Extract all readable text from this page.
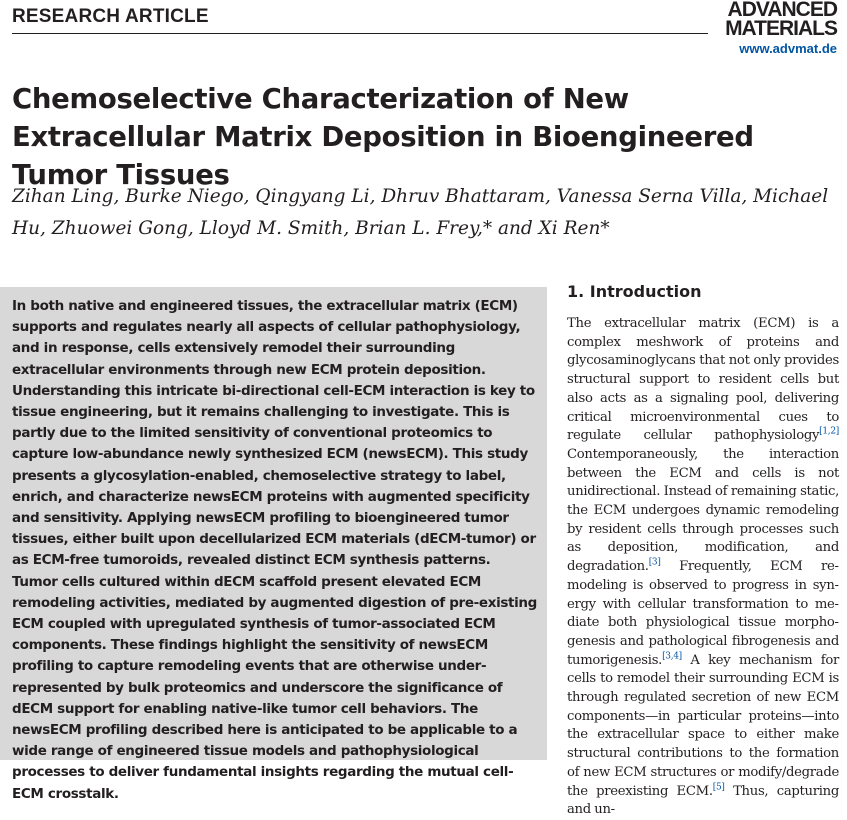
RESEARCH ARTICLE	ADVANCED
MATERIALS
www.advmat.de
Chemoselective Characterization of New Extracellular Matrix Deposition in Bioengineered Tumor Tissues

Zihan Ling, Burke Niego, Qingyang Li, Dhruv Bhattaram, Vanessa Serna Villa, Michael Hu, Zhuowei Gong, Lloyd M. Smith, Brian L. Frey,* and Xi Ren*

In both native and engineered tissues, the extracellular matrix (ECM) supports and regulates nearly all aspects of cellular pathophysiology, and in response, cells extensively remodel their surrounding extracellular environments through new ECM protein deposition. Understanding this intricate bi-directional cell-ECM interaction is key to tissue engineering, but it remains challenging to investigate. This is partly due to the limited sensitivity of conventional proteomics to capture low-abundance newly synthesized ECM (newsECM). This study presents a glycosylation-enabled, chemoselective strategy to label, enrich, and characterize newsECM proteins with augmented specificity and sensitivity. Applying newsECM profiling to bioengineered tumor tissues, either built upon decellularized ECM materials (dECM-tumor) or as ECM-free tumoroids, revealed distinct ECM synthesis patterns. Tumor cells cultured within dECM scaffold present elevated ECM remodeling activities, mediated by augmented digestion of pre-existing ECM coupled with upregulated synthesis of tumor-associated ECM components. These findings highlight the sensitivity of newsECM profiling to capture remodeling events that are otherwise under-represented by bulk proteomics and underscore the significance of dECM support for enabling native-like tumor cell behaviors. The newsECM profiling described here is anticipated to be applicable to a wide range of engineered tissue models and pathophysiological processes to deliver fundamental insights regarding the mutual cell-ECM crosstalk.

1. Introduction

The extracellular matrix (ECM) is a complex meshwork of proteins and glycosaminoglycans that not only provides structural support to resident cells but also acts as a signaling pool, delivering critical microenvironmental cues to regulate cellular pathophysiology[1,2] Contemporaneously, the interaction between the ECM and cells is not unidirectional. Instead of remaining static, the ECM undergoes dynamic remodeling by resident cells through processes such as deposition, modification, and degradation.[3] Frequently, ECM remodeling is observed to progress in synergy with cellular transformation to mediate both physiological tissue morphogenesis and pathological fibrogenesis and tumorigenesis.[3,4] A key mechanism for cells to remodel their surrounding ECM is through regulated secretion of new ECM components—in particular proteins—into the extracellular space to either make structural contributions to the formation of new ECM structures or modify/degrade the preexisting ECM.[5] Thus, capturing and un-
